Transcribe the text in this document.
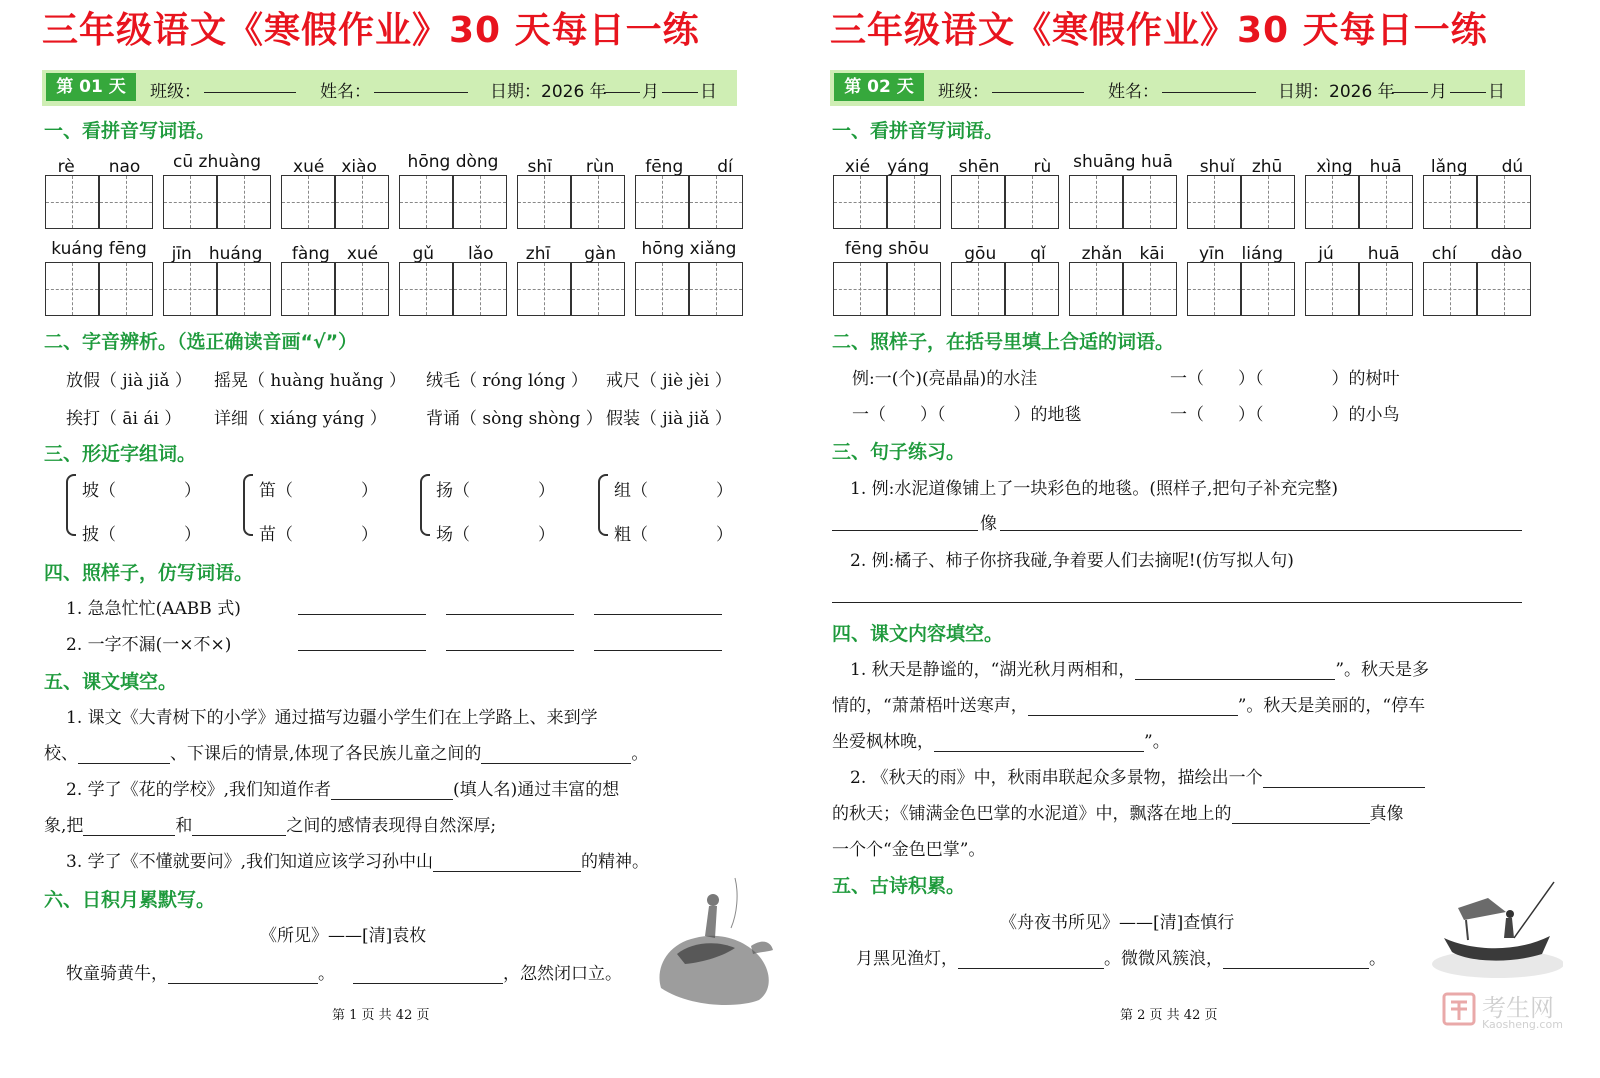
三年级语文《寒假作业》30 天每日一练
第 01 天	班级：	姓名：	日期：2026 年 月 日
一、看拼音写词语。
rè　　nao	cū zhuàng	xué　xiào	hōng dòng	shī　　rùn	fēng　　dí
kuáng fēng	jīn　huáng	fàng　xué	gǔ　　lǎo	zhī　　gàn	hōng xiǎng
二、字音辨析。（选正确读音画“√”）
放假（ jià jiǎ ） 摇晃（ huàng huǎng ） 绒毛（ róng lóng ） 戒尺（ jiè jèi ）
挨打（ āi ái ） 详细（ xiáng yáng ） 背诵（ sòng shòng ） 假装（ jià jiǎ ）
三、形近字组词。
坡（　　　　）
披（　　　　）
笛（　　　　）
苗（　　　　）
扬（　　　　）
场（　　　　）
组（　　　　）
粗（　　　　）
四、照样子，仿写词语。
1. 急急忙忙(AABB 式)
2. 一字不漏(一×不×)
五、课文填空。
1. 课文《大青树下的小学》通过描写边疆小学生们在上学路上、来到学
校、	、下课后的情景,体现了各民族儿童之间的	。
2. 学了《花的学校》,我们知道作者	(填人名)通过丰富的想
象,把	和	之间的感情表现得自然深厚;
3. 学了《不懂就要问》,我们知道应该学习孙中山	的精神。
六、日积月累默写。
《所见》——[清]袁枚
牧童骑黄牛，	。	，忽然闭口立。
第 1 页 共 42 页
三年级语文《寒假作业》30 天每日一练
第 02 天	班级：	姓名：	日期：2026 年 月 日
一、看拼音写词语。
xié　yáng	shēn　　rù	shuāng huā	shuǐ　zhū	xìng　huā	lǎng　　dú
fēng shōu	gōu　　qǐ	zhǎn　kāi	yīn　liáng	jú　　huā	chí　　dào
二、照样子，在括号里填上合适的词语。
例:一(个)(亮晶晶)的水洼	一（　　）（　　　　）的树叶
一（　　）（　　　　）的地毯	一（　　）（　　　　）的小鸟
三、句子练习。
1. 例:水泥道像铺上了一块彩色的地毯。(照样子,把句子补充完整)
像
2. 例:橘子、柿子你挤我碰,争着要人们去摘呢!(仿写拟人句)
四、课文内容填空。
1. 秋天是静谧的，“湖光秋月两相和，	”。秋天是多
情的，“萧萧梧叶送寒声，	”。秋天是美丽的，“停车
坐爱枫林晚，	”。
2. 《秋天的雨》中，秋雨串联起众多景物，描绘出一个
的秋天；《铺满金色巴掌的水泥道》中，飘落在地上的	真像
一个个“金色巴掌”。
五、古诗积累。
《舟夜书所见》——[清]查慎行
月黑见渔灯，	。微微风簇浪，	。
第 2 页 共 42 页	考生网
Kaosheng.com
